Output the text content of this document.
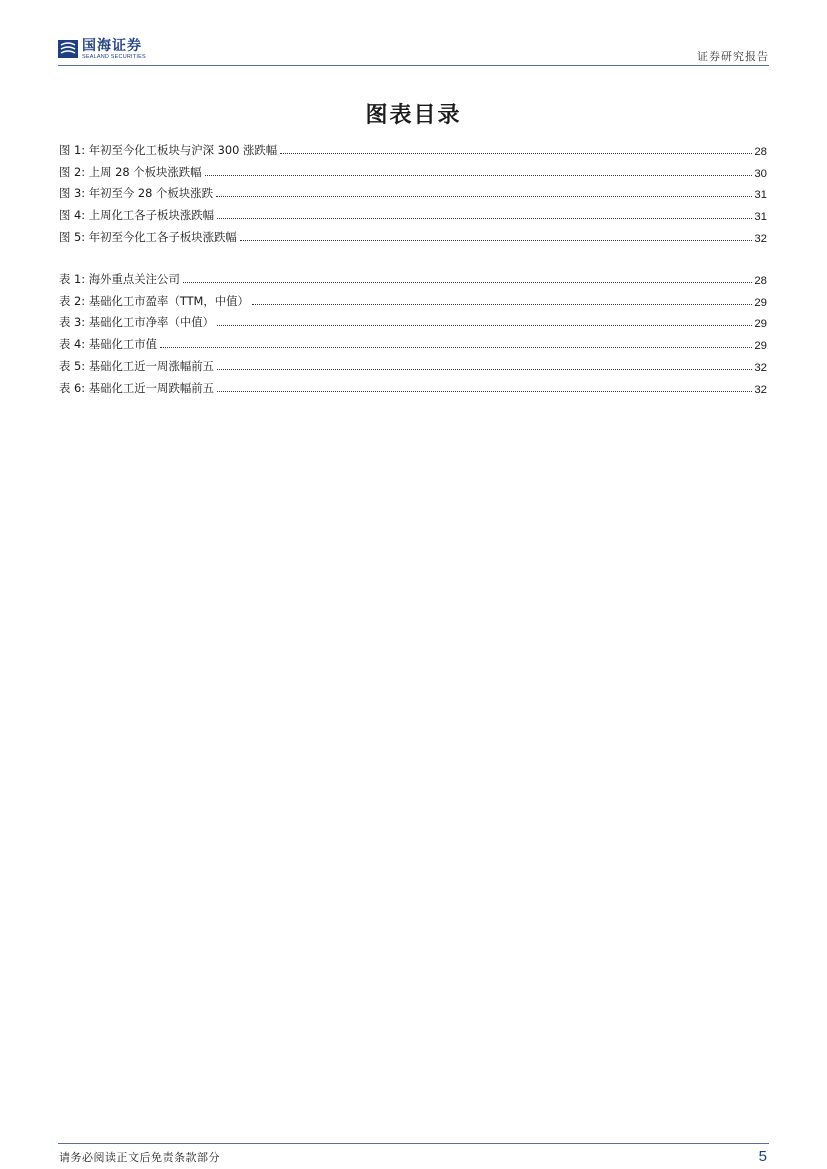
国海证券
SEALAND SECURITIES	证券研究报告
图表目录
图 1: 年初至今化工板块与沪深 300 涨跌幅	28
图 2: 上周 28 个板块涨跌幅	30
图 3: 年初至今 28 个板块涨跌	31
图 4: 上周化工各子板块涨跌幅	31
图 5: 年初至今化工各子板块涨跌幅	32
表 1: 海外重点关注公司	28
表 2: 基础化工市盈率（TTM，中值）	29
表 3: 基础化工市净率（中值）	29
表 4: 基础化工市值	29
表 5: 基础化工近一周涨幅前五	32
表 6: 基础化工近一周跌幅前五	32
请务必阅读正文后免责条款部分	5
